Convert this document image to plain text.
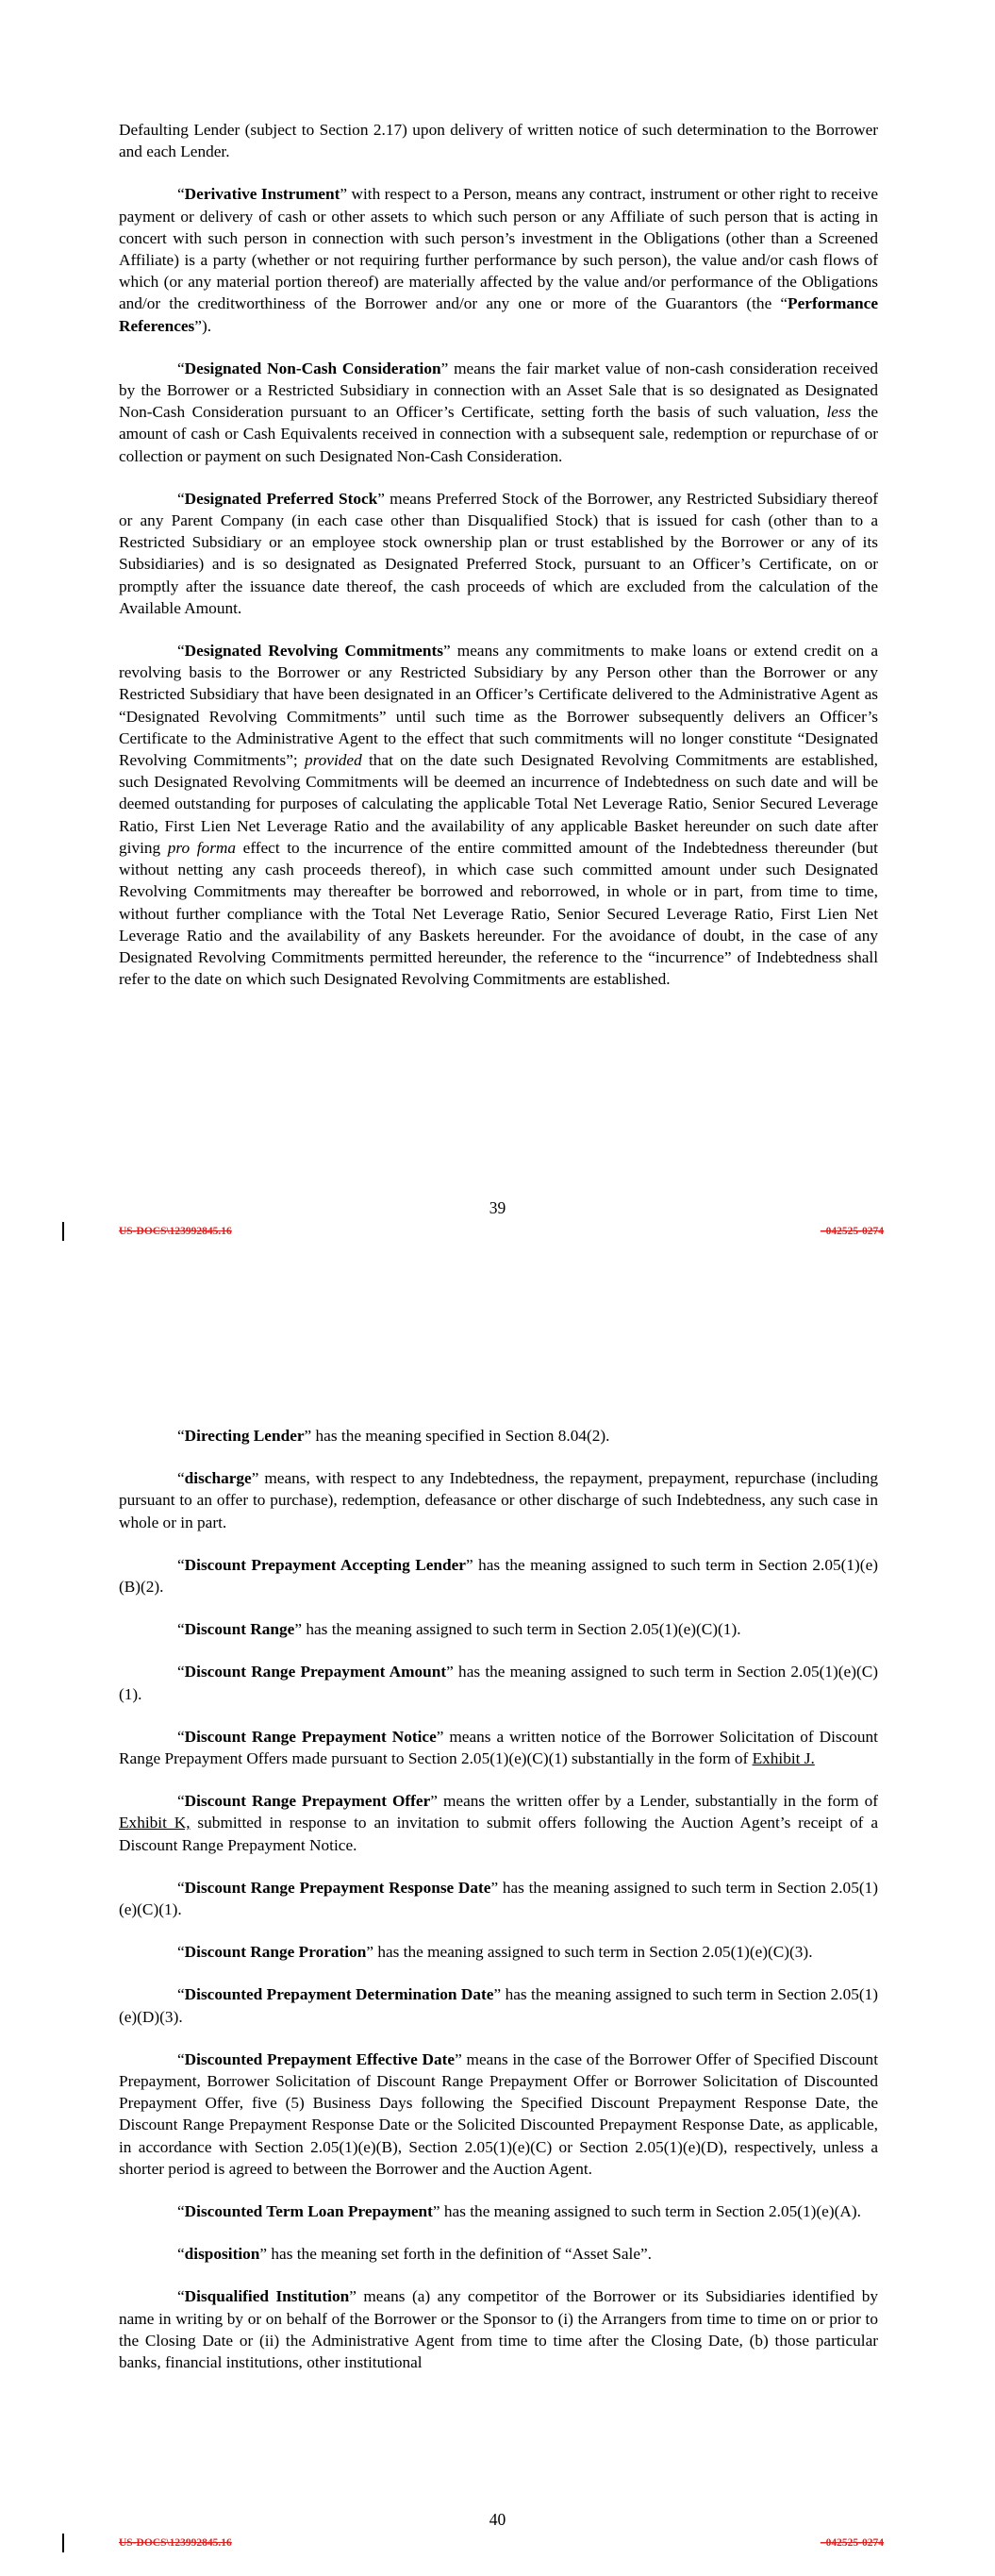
Defaulting Lender (subject to Section 2.17) upon delivery of written notice of such determination to the Borrower and each Lender.

“Derivative Instrument” with respect to a Person, means any contract, instrument or other right to receive payment or delivery of cash or other assets to which such person or any Affiliate of such person that is acting in concert with such person in connection with such person’s investment in the Obligations (other than a Screened Affiliate) is a party (whether or not requiring further performance by such person), the value and/or cash flows of which (or any material portion thereof) are materially affected by the value and/or performance of the Obligations and/or the creditworthiness of the Borrower and/or any one or more of the Guarantors (the “Performance References”).

“Designated Non-Cash Consideration” means the fair market value of non-cash consideration received by the Borrower or a Restricted Subsidiary in connection with an Asset Sale that is so designated as Designated Non-Cash Consideration pursuant to an Officer’s Certificate, setting forth the basis of such valuation, less the amount of cash or Cash Equivalents received in connection with a subsequent sale, redemption or repurchase of or collection or payment on such Designated Non-Cash Consideration.

“Designated Preferred Stock” means Preferred Stock of the Borrower, any Restricted Subsidiary thereof or any Parent Company (in each case other than Disqualified Stock) that is issued for cash (other than to a Restricted Subsidiary or an employee stock ownership plan or trust established by the Borrower or any of its Subsidiaries) and is so designated as Designated Preferred Stock, pursuant to an Officer’s Certificate, on or promptly after the issuance date thereof, the cash proceeds of which are excluded from the calculation of the Available Amount.

“Designated Revolving Commitments” means any commitments to make loans or extend credit on a revolving basis to the Borrower or any Restricted Subsidiary by any Person other than the Borrower or any Restricted Subsidiary that have been designated in an Officer’s Certificate delivered to the Administrative Agent as “Designated Revolving Commitments” until such time as the Borrower subsequently delivers an Officer’s Certificate to the Administrative Agent to the effect that such commitments will no longer constitute “Designated Revolving Commitments”; provided that on the date such Designated Revolving Commitments are established, such Designated Revolving Commitments will be deemed an incurrence of Indebtedness on such date and will be deemed outstanding for purposes of calculating the applicable Total Net Leverage Ratio, Senior Secured Leverage Ratio, First Lien Net Leverage Ratio and the availability of any applicable Basket hereunder on such date after giving pro forma effect to the incurrence of the entire committed amount of the Indebtedness thereunder (but without netting any cash proceeds thereof), in which case such committed amount under such Designated Revolving Commitments may thereafter be borrowed and reborrowed, in whole or in part, from time to time, without further compliance with the Total Net Leverage Ratio, Senior Secured Leverage Ratio, First Lien Net Leverage Ratio and the availability of any Baskets hereunder. For the avoidance of doubt, in the case of any Designated Revolving Commitments permitted hereunder, the reference to the “incurrence” of Indebtedness shall refer to the date on which such Designated Revolving Commitments are established.

39
US-DOCS\123992845.16	–042525-0274

“Directing Lender” has the meaning specified in Section 8.04(2).

“discharge” means, with respect to any Indebtedness, the repayment, prepayment, repurchase (including pursuant to an offer to purchase), redemption, defeasance or other discharge of such Indebtedness, any such case in whole or in part.

“Discount Prepayment Accepting Lender” has the meaning assigned to such term in Section 2.05(1)(e)(B)(2).

“Discount Range” has the meaning assigned to such term in Section 2.05(1)(e)(C)(1).

“Discount Range Prepayment Amount” has the meaning assigned to such term in Section 2.05(1)(e)(C)(1).

“Discount Range Prepayment Notice” means a written notice of the Borrower Solicitation of Discount Range Prepayment Offers made pursuant to Section 2.05(1)(e)(C)(1) substantially in the form of Exhibit J.

“Discount Range Prepayment Offer” means the written offer by a Lender, substantially in the form of Exhibit K, submitted in response to an invitation to submit offers following the Auction Agent’s receipt of a Discount Range Prepayment Notice.

“Discount Range Prepayment Response Date” has the meaning assigned to such term in Section 2.05(1)(e)(C)(1).

“Discount Range Proration” has the meaning assigned to such term in Section 2.05(1)(e)(C)(3).

“Discounted Prepayment Determination Date” has the meaning assigned to such term in Section 2.05(1)(e)(D)(3).

“Discounted Prepayment Effective Date” means in the case of the Borrower Offer of Specified Discount Prepayment, Borrower Solicitation of Discount Range Prepayment Offer or Borrower Solicitation of Discounted Prepayment Offer, five (5) Business Days following the Specified Discount Prepayment Response Date, the Discount Range Prepayment Response Date or the Solicited Discounted Prepayment Response Date, as applicable, in accordance with Section 2.05(1)(e)(B), Section 2.05(1)(e)(C) or Section 2.05(1)(e)(D), respectively, unless a shorter period is agreed to between the Borrower and the Auction Agent.

“Discounted Term Loan Prepayment” has the meaning assigned to such term in Section 2.05(1)(e)(A).

“disposition” has the meaning set forth in the definition of “Asset Sale”.

“Disqualified Institution” means (a) any competitor of the Borrower or its Subsidiaries identified by name in writing by or on behalf of the Borrower or the Sponsor to (i) the Arrangers from time to time on or prior to the Closing Date or (ii) the Administrative Agent from time to time after the Closing Date, (b) those particular banks, financial institutions, other institutional

40
US-DOCS\123992845.16	–042525-0274
